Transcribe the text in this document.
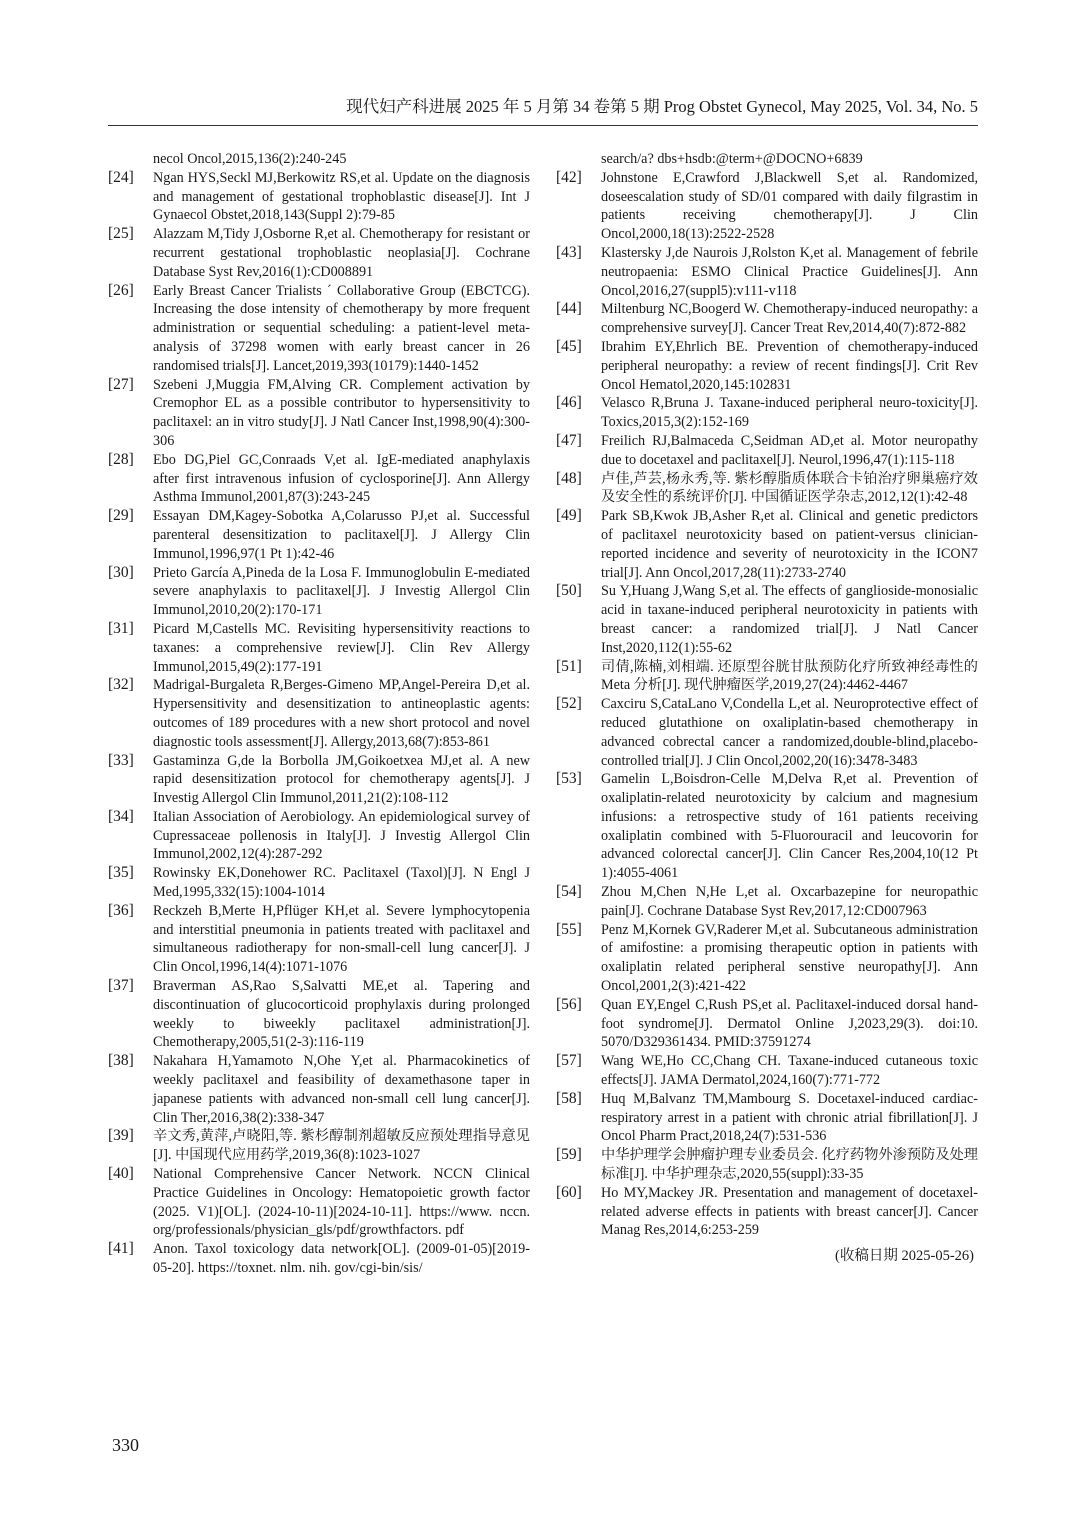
现代妇产科进展 2025 年 5 月第 34 卷第 5 期 Prog Obstet Gynecol, May 2025, Vol. 34, No. 5
necol Oncol,2015,136(2):240-245
[24]	Ngan HYS,Seckl MJ,Berkowitz RS,et al. Update on the diagnosis and management of gestational trophoblastic disease[J]. Int J Gynaecol Obstet,2018,143(Suppl 2):79-85
[25]	Alazzam M,Tidy J,Osborne R,et al. Chemotherapy for resistant or recurrent gestational trophoblastic neoplasia[J]. Cochrane Database Syst Rev,2016(1):CD008891
[26]	Early Breast Cancer Trialists ´ Collaborative Group (EBCTCG). Increasing the dose intensity of chemotherapy by more frequent administration or sequential scheduling: a patient-level meta-analysis of 37298 women with early breast cancer in 26 randomised trials[J]. Lancet,2019,393(10179):1440-1452
[27]	Szebeni J,Muggia FM,Alving CR. Complement activation by Cremophor EL as a possible contributor to hypersensitivity to paclitaxel: an in vitro study[J]. J Natl Cancer Inst,1998,90(4):300-306
[28]	Ebo DG,Piel GC,Conraads V,et al. IgE-mediated anaphylaxis after first intravenous infusion of cyclosporine[J]. Ann Allergy Asthma Immunol,2001,87(3):243-245
[29]	Essayan DM,Kagey-Sobotka A,Colarusso PJ,et al. Successful parenteral desensitization to paclitaxel[J]. J Allergy Clin Immunol,1996,97(1 Pt 1):42-46
[30]	Prieto García A,Pineda de la Losa F. Immunoglobulin E-mediated severe anaphylaxis to paclitaxel[J]. J Investig Allergol Clin Immunol,2010,20(2):170-171
[31]	Picard M,Castells MC. Revisiting hypersensitivity reactions to taxanes: a comprehensive review[J]. Clin Rev Allergy Immunol,2015,49(2):177-191
[32]	Madrigal-Burgaleta R,Berges-Gimeno MP,Angel-Pereira D,et al. Hypersensitivity and desensitization to antineoplastic agents: outcomes of 189 procedures with a new short protocol and novel diagnostic tools assessment[J]. Allergy,2013,68(7):853-861
[33]	Gastaminza G,de la Borbolla JM,Goikoetxea MJ,et al. A new rapid desensitization protocol for chemotherapy agents[J]. J Investig Allergol Clin Immunol,2011,21(2):108-112
[34]	Italian Association of Aerobiology. An epidemiological survey of Cupressaceae pollenosis in Italy[J]. J Investig Allergol Clin Immunol,2002,12(4):287-292
[35]	Rowinsky EK,Donehower RC. Paclitaxel (Taxol)[J]. N Engl J Med,1995,332(15):1004-1014
[36]	Reckzeh B,Merte H,Pflüger KH,et al. Severe lymphocytopenia and interstitial pneumonia in patients treated with paclitaxel and simultaneous radiotherapy for non-small-cell lung cancer[J]. J Clin Oncol,1996,14(4):1071-1076
[37]	Braverman AS,Rao S,Salvatti ME,et al. Tapering and discontinuation of glucocorticoid prophylaxis during prolonged weekly to biweekly paclitaxel administration[J]. Chemotherapy,2005,51(2-3):116-119
[38]	Nakahara H,Yamamoto N,Ohe Y,et al. Pharmacokinetics of weekly paclitaxel and feasibility of dexamethasone taper in japanese patients with advanced non-small cell lung cancer[J]. Clin Ther,2016,38(2):338-347
[39]	辛文秀,黄萍,卢晓阳,等. 紫杉醇制剂超敏反应预处理指导意见[J]. 中国现代应用药学,2019,36(8):1023-1027
[40]	National Comprehensive Cancer Network. NCCN Clinical Practice Guidelines in Oncology: Hematopoietic growth factor (2025. V1)[OL]. (2024-10-11)[2024-10-11]. https://www. nccn. org/professionals/physician_gls/pdf/growthfactors. pdf
[41]	Anon. Taxol toxicology data network[OL]. (2009-01-05)[2019-05-20]. https://toxnet. nlm. nih. gov/cgi-bin/sis/
search/a? dbs+hsdb:@term+@DOCNO+6839
[42]	Johnstone E,Crawford J,Blackwell S,et al. Randomized, doseescalation study of SD/01 compared with daily filgrastim in patients receiving chemotherapy[J]. J Clin Oncol,2000,18(13):2522-2528
[43]	Klastersky J,de Naurois J,Rolston K,et al. Management of febrile neutropaenia: ESMO Clinical Practice Guidelines[J]. Ann Oncol,2016,27(suppl5):v111-v118
[44]	Miltenburg NC,Boogerd W. Chemotherapy-induced neuropathy: a comprehensive survey[J]. Cancer Treat Rev,2014,40(7):872-882
[45]	Ibrahim EY,Ehrlich BE. Prevention of chemotherapy-induced peripheral neuropathy: a review of recent findings[J]. Crit Rev Oncol Hematol,2020,145:102831
[46]	Velasco R,Bruna J. Taxane-induced peripheral neuro-toxicity[J]. Toxics,2015,3(2):152-169
[47]	Freilich RJ,Balmaceda C,Seidman AD,et al. Motor neuropathy due to docetaxel and paclitaxel[J]. Neurol,1996,47(1):115-118
[48]	卢佳,芦芸,杨永秀,等. 紫杉醇脂质体联合卡铂治疗卵巢癌疗效及安全性的系统评价[J]. 中国循证医学杂志,2012,12(1):42-48
[49]	Park SB,Kwok JB,Asher R,et al. Clinical and genetic predictors of paclitaxel neurotoxicity based on patient-versus clinician-reported incidence and severity of neurotoxicity in the ICON7 trial[J]. Ann Oncol,2017,28(11):2733-2740
[50]	Su Y,Huang J,Wang S,et al. The effects of ganglioside-monosialic acid in taxane-induced peripheral neurotoxicity in patients with breast cancer: a randomized trial[J]. J Natl Cancer Inst,2020,112(1):55-62
[51]	司倩,陈楠,刘相端. 还原型谷胱甘肽预防化疗所致神经毒性的 Meta 分析[J]. 现代肿瘤医学,2019,27(24):4462-4467
[52]	Caxciru S,CataLano V,Condella L,et al. Neuroprotective effect of reduced glutathione on oxaliplatin-based chemotherapy in advanced cobrectal cancer a randomized,double-blind,placebo-controlled trial[J]. J Clin Oncol,2002,20(16):3478-3483
[53]	Gamelin L,Boisdron-Celle M,Delva R,et al. Prevention of oxaliplatin-related neurotoxicity by calcium and magnesium infusions: a retrospective study of 161 patients receiving oxaliplatin combined with 5-Fluorouracil and leucovorin for advanced colorectal cancer[J]. Clin Cancer Res,2004,10(12 Pt 1):4055-4061
[54]	Zhou M,Chen N,He L,et al. Oxcarbazepine for neuropathic pain[J]. Cochrane Database Syst Rev,2017,12:CD007963
[55]	Penz M,Kornek GV,Raderer M,et al. Subcutaneous administration of amifostine: a promising therapeutic option in patients with oxaliplatin related peripheral senstive neuropathy[J]. Ann Oncol,2001,2(3):421-422
[56]	Quan EY,Engel C,Rush PS,et al. Paclitaxel-induced dorsal hand-foot syndrome[J]. Dermatol Online J,2023,29(3). doi:10. 5070/D329361434. PMID:37591274
[57]	Wang WE,Ho CC,Chang CH. Taxane-induced cutaneous toxic effects[J]. JAMA Dermatol,2024,160(7):771-772
[58]	Huq M,Balvanz TM,Mambourg S. Docetaxel-induced cardiac-respiratory arrest in a patient with chronic atrial fibrillation[J]. J Oncol Pharm Pract,2018,24(7):531-536
[59]	中华护理学会肿瘤护理专业委员会. 化疗药物外渗预防及处理标准[J]. 中华护理杂志,2020,55(suppl):33-35
[60]	Ho MY,Mackey JR. Presentation and management of docetaxel-related adverse effects in patients with breast cancer[J]. Cancer Manag Res,2014,6:253-259
(收稿日期 2025-05-26)
330
